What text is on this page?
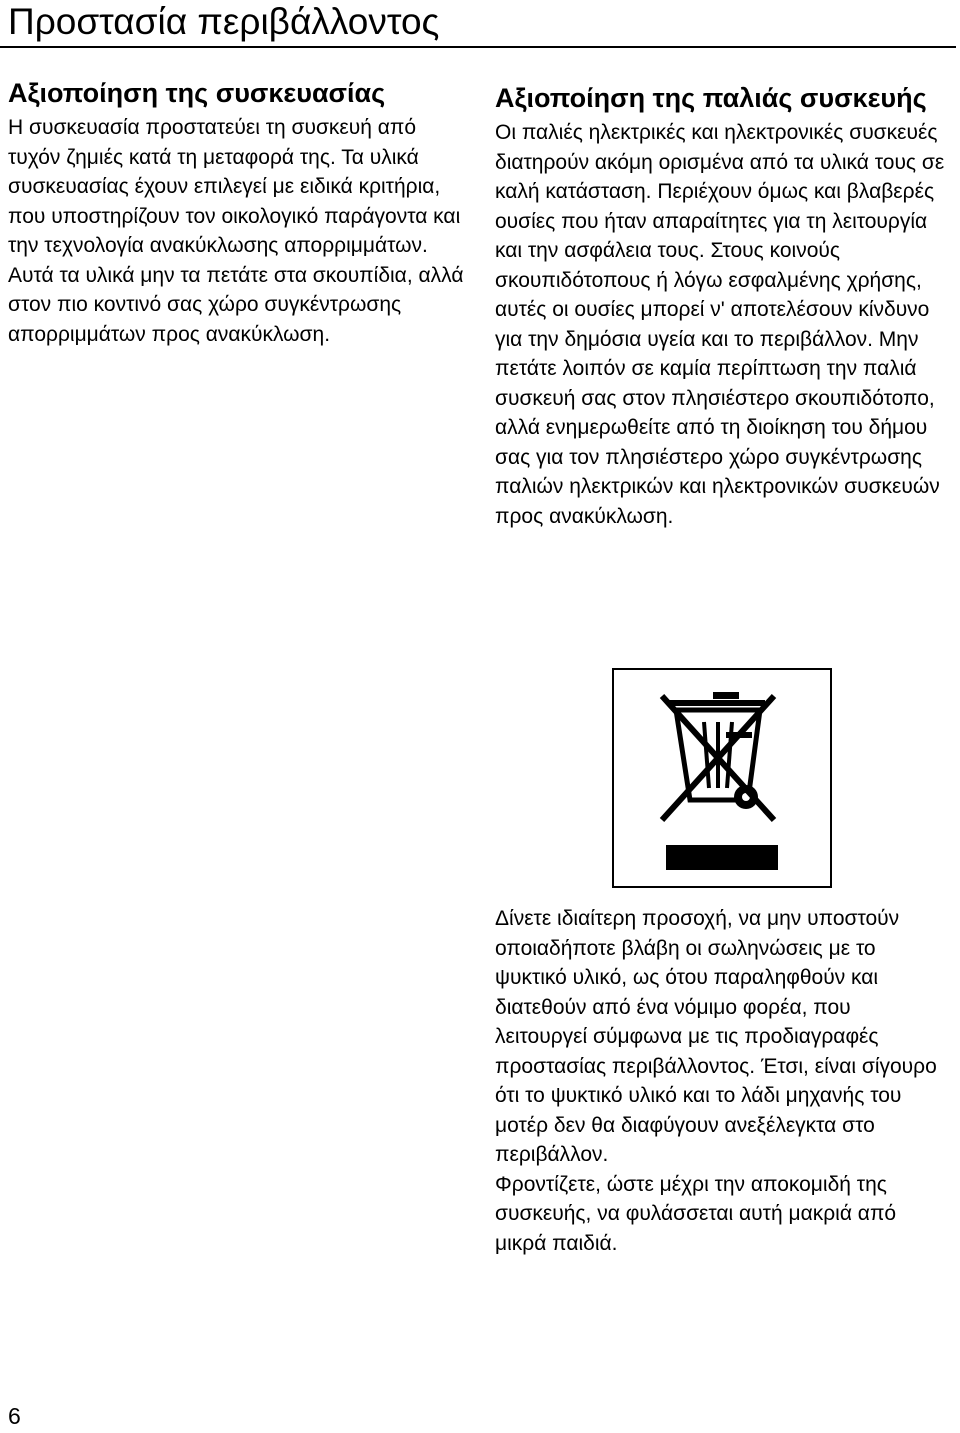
Προστασία περιβάλλοντος
Αξιοποίηση της συσκευασίας

Η συσκευασία προστατεύει τη συσκευή από τυχόν ζημιές κατά τη μεταφορά της. Τα υλικά συσκευασίας έχουν επιλεγεί με ειδικά κριτήρια, που υποστηρίζουν τον οικολογικό παράγοντα και την τεχνολογία ανακύκλωσης απορριμμάτων. Αυτά τα υλικά μην τα πετάτε στα σκουπίδια, αλλά στον πιο κοντινό σας χώρο συγκέντρωσης απορριμμάτων προς ανακύκλωση.

Αξιοποίηση της παλιάς συσκευής

Οι παλιές ηλεκτρικές και ηλεκτρονικές συσκευές διατηρούν ακόμη ορισμένα από τα υλικά τους σε καλή κατάσταση. Περιέχουν όμως και βλαβερές ουσίες που ήταν απαραίτητες για τη λειτουργία και την ασφάλεια τους. Στους κοινούς σκουπιδότοπους ή λόγω εσφαλμένης χρήσης, αυτές οι ουσίες μπορεί ν' αποτελέσουν κίνδυνο για την δημόσια υγεία και το περιβάλλον. Μην πετάτε λοιπόν σε καμία περίπτωση την παλιά συσκευή σας στον πλησιέστερο σκουπιδότοπο, αλλά ενημερωθείτε από τη διοίκηση του δήμου σας για τον πλησιέστερο χώρο συγκέντρωσης παλιών ηλεκτρικών και ηλεκτρονικών συσκευών προς ανακύκλωση.

Δίνετε ιδιαίτερη προσοχή, να μην υποστούν οποιαδήποτε βλάβη οι σωληνώσεις με το ψυκτικό υλικό, ως ότου παραληφθούν και διατεθούν από ένα νόμιμο φορέα, που λειτουργεί σύμφωνα με τις προδιαγραφές προστασίας περιβάλλοντος. Έτσι, είναι σίγουρο ότι το ψυκτικό υλικό και το λάδι μηχανής του μοτέρ δεν θα διαφύγουν ανεξέλεγκτα στο περιβάλλον.

Φροντίζετε, ώστε μέχρι την αποκομιδή της συσκευής, να φυλάσσεται αυτή μακριά από μικρά παιδιά.

6
